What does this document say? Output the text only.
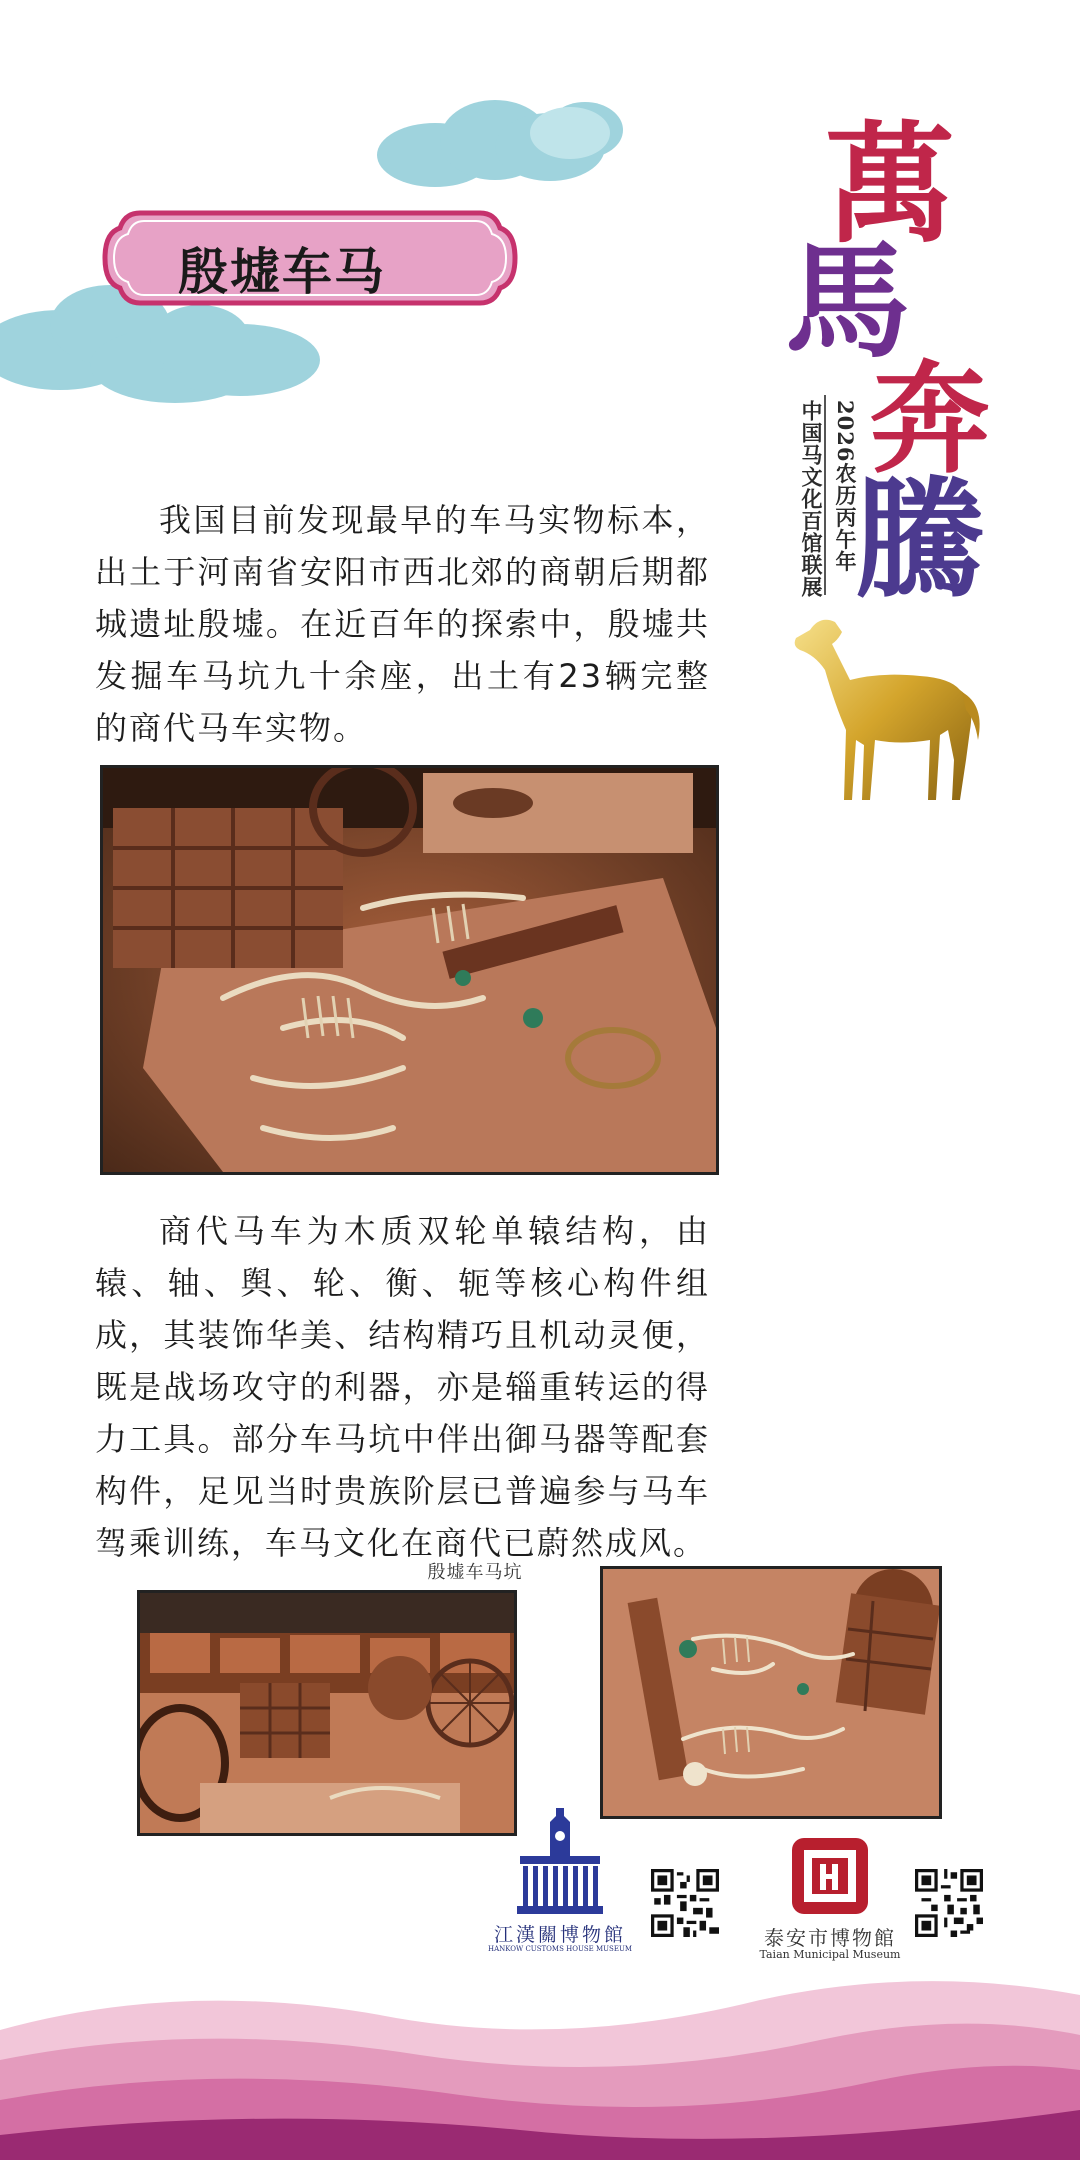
殷墟车马
萬
馬
奔
騰
2026农历丙午年
中国马文化百馆联展

我国目前发现最早的车马实物标本，出土于河南省安阳市西北郊的商朝后期都城遗址殷墟。在近百年的探索中，殷墟共发掘车马坑九十余座，出土有23辆完整的商代马车实物。

商代马车为木质双轮单辕结构，由辕、轴、舆、轮、衡、轭等核心构件组成，其装饰华美、结构精巧且机动灵便，既是战场攻守的利器，亦是辎重转运的得力工具。部分车马坑中伴出御马器等配套构件，足见当时贵族阶层已普遍参与马车驾乘训练，车马文化在商代已蔚然成风。

殷墟车马坑
江漢關博物館
HANKOW CUSTOMS HOUSE MUSEUM	泰安市博物館
Taian Municipal Museum
